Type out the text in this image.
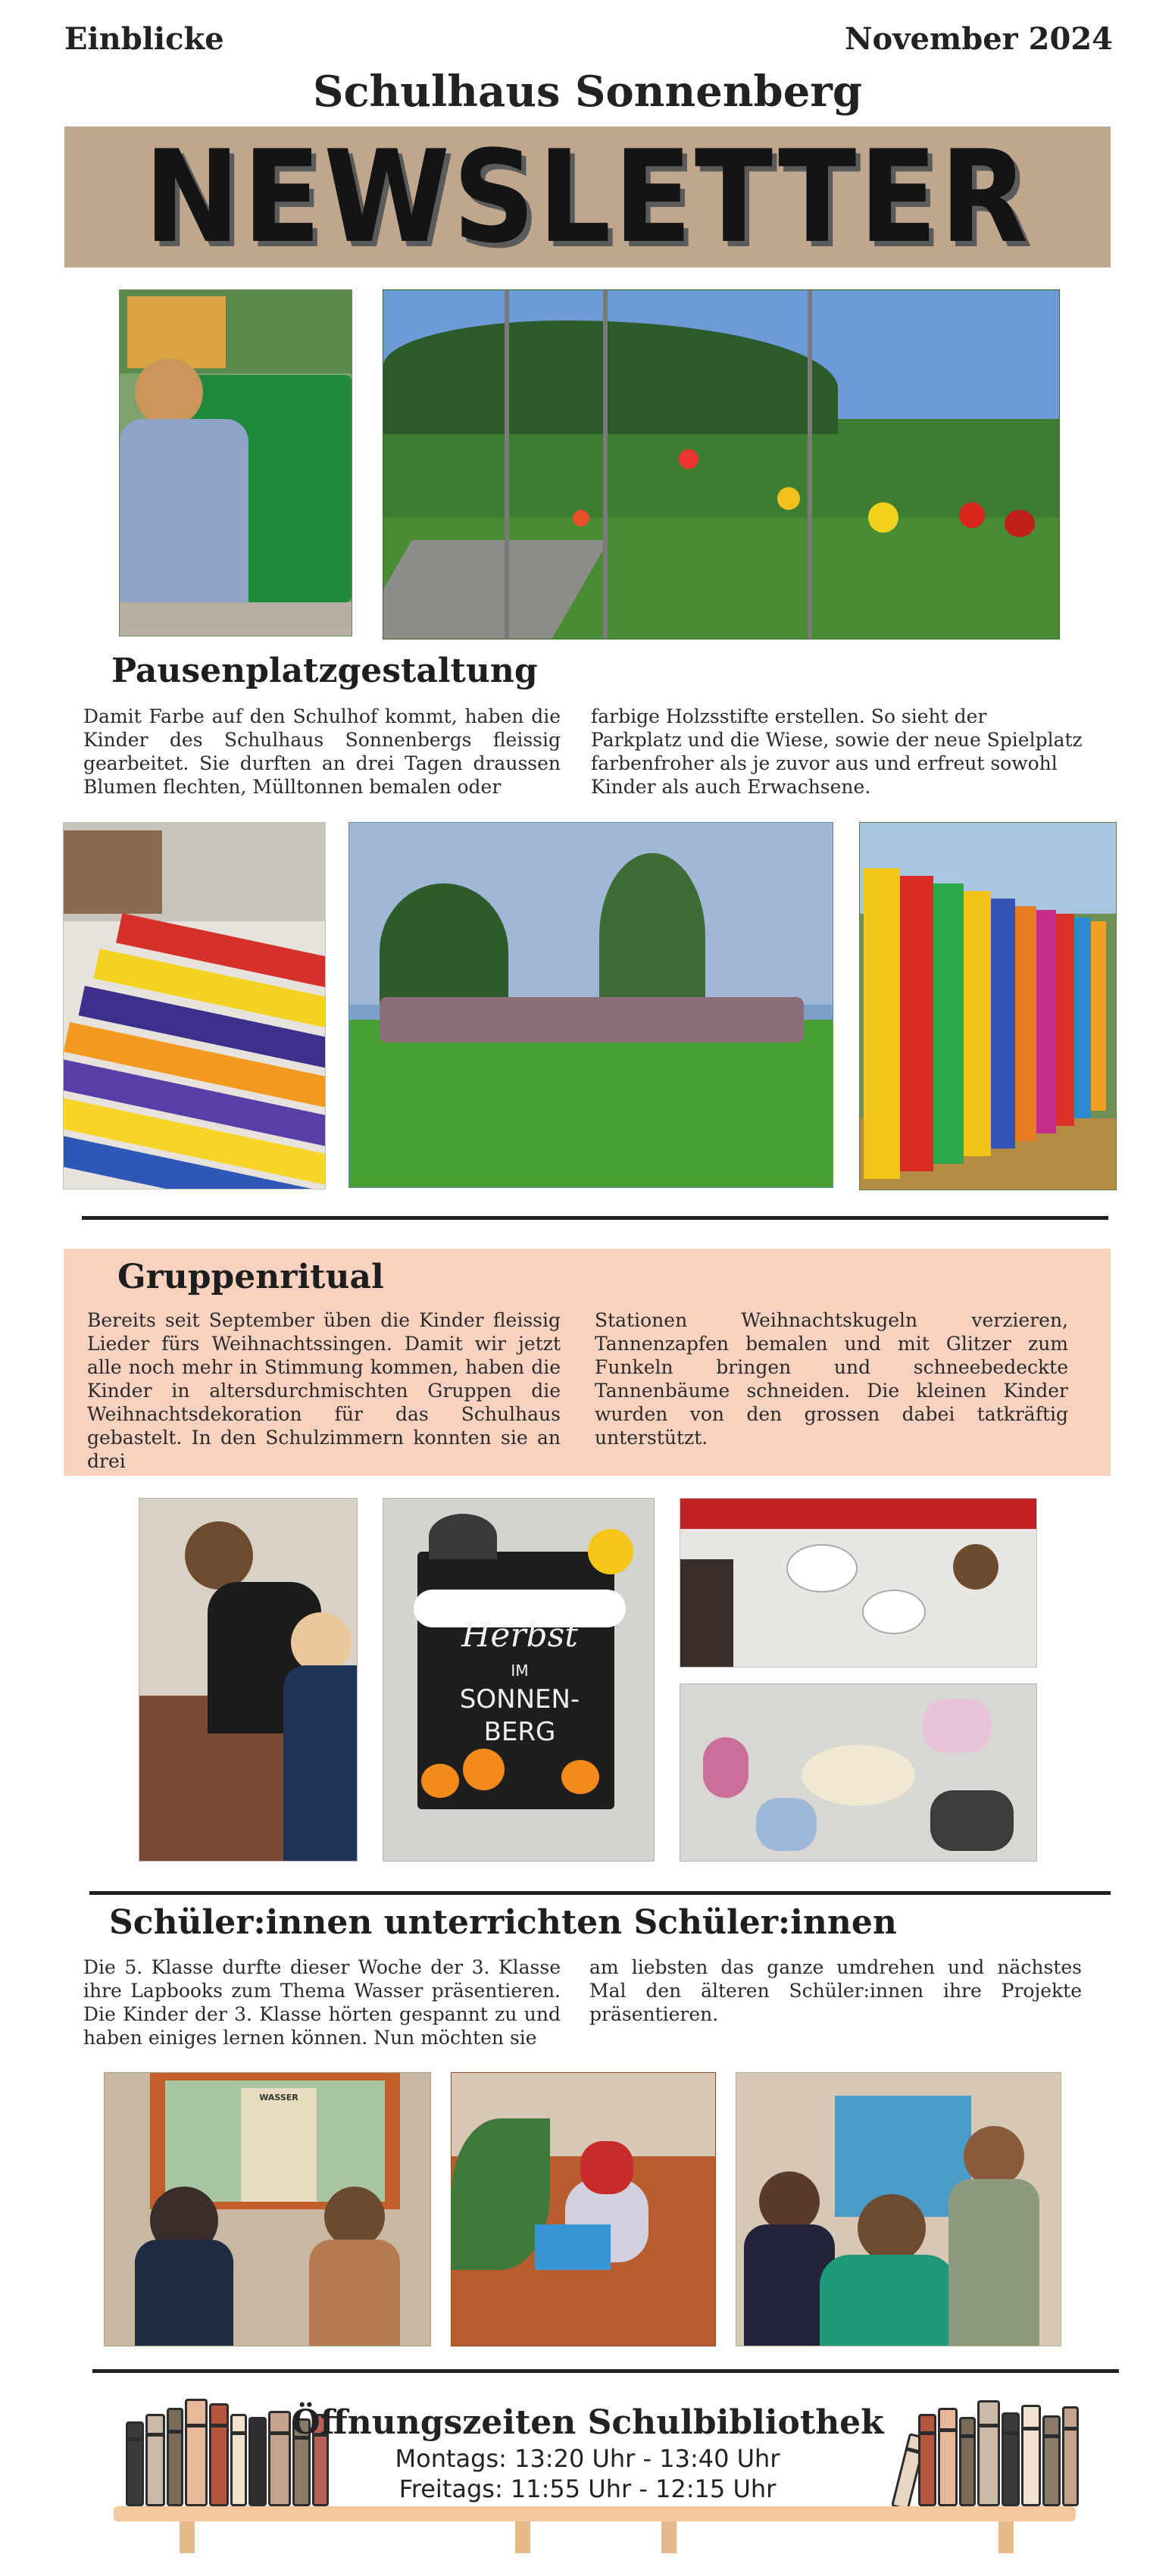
Einblicke	November 2024
Schulhaus Sonnenberg
NEWSLETTER
Pausenplatzgestaltung
Damit Farbe auf den Schulhof kommt, haben die Kinder des Schulhaus Sonnenbergs fleissig gearbeitet. Sie durften an drei Tagen draussen Blumen flechten, Mülltonnen bemalen oder
farbige Holzsstifte erstellen. So sieht der Parkplatz und die Wiese, sowie der neue Spielplatz farbenfroher als je zuvor aus und erfreut sowohl Kinder als auch Erwachsene.
Gruppenritual
Bereits seit September üben die Kinder fleissig Lieder fürs Weihnachtssingen. Damit wir jetzt alle noch mehr in Stimmung kommen, haben die Kinder in altersdurchmischten Gruppen die Weihnachtsdekoration für das Schulhaus gebastelt. In den Schulzimmern konnten sie an drei
Stationen Weihnachtskugeln verzieren, Tannenzapfen bemalen und mit Glitzer zum Funkeln bringen und schneebedeckte Tannenbäume schneiden. Die kleinen Kinder wurden von den grossen dabei tatkräftig unterstützt.
Herbst
IM
SONNEN-
BERG
Schüler:innen unterrichten Schüler:innen
Die 5. Klasse durfte dieser Woche der 3. Klasse ihre Lapbooks zum Thema Wasser präsentieren. Die Kinder der 3. Klasse hörten gespannt zu und haben einiges lernen können. Nun möchten sie
am liebsten das ganze umdrehen und nächstes Mal den älteren Schüler:innen ihre Projekte präsentieren.
WASSER
Öffnungszeiten Schulbibliothek
Montags: 13:20 Uhr - 13:40 Uhr
Freitags: 11:55 Uhr - 12:15 Uhr
